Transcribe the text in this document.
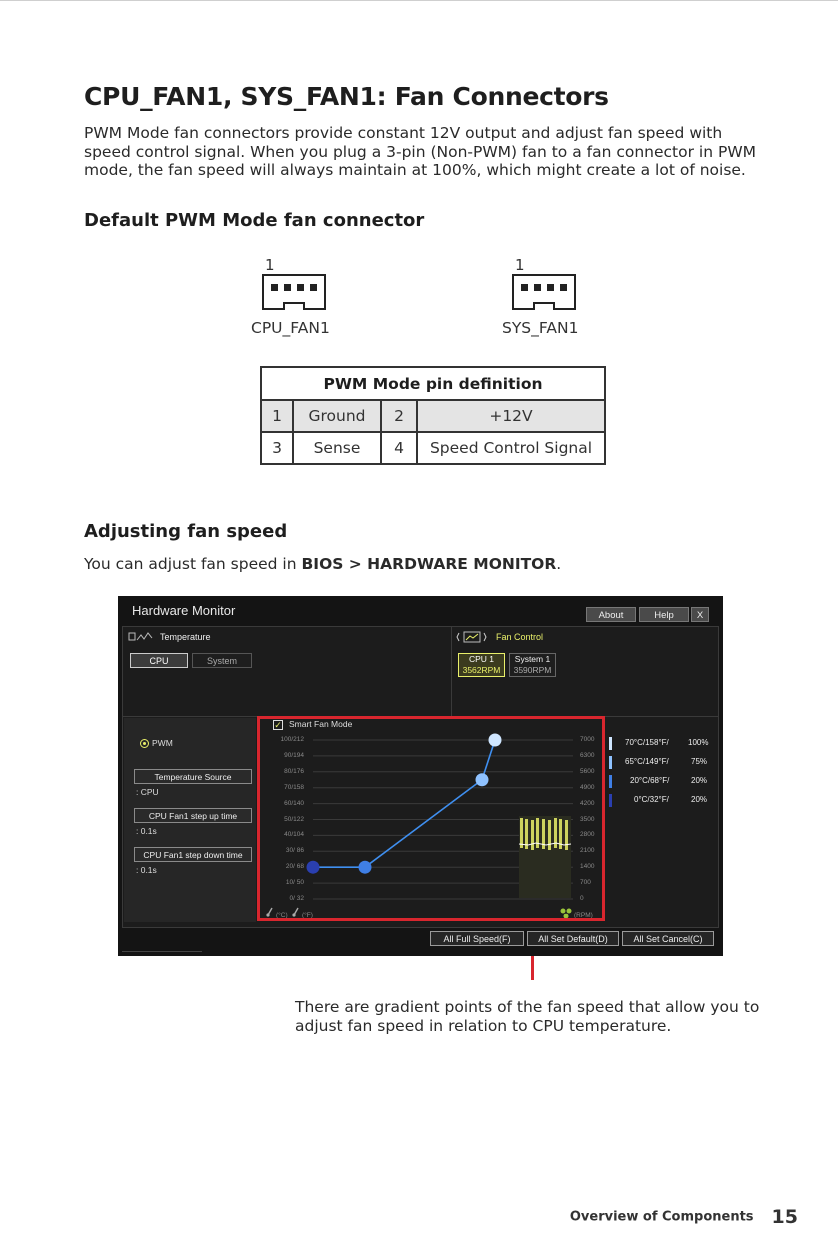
CPU_FAN1, SYS_FAN1: Fan Connectors
PWM Mode fan connectors provide constant 12V output and adjust fan speed with speed control signal. When you plug a 3-pin (Non-PWM) fan to a fan connector in PWM mode, the fan speed will always maintain at 100%, which might create a lot of noise.
Default PWM Mode fan connector
1
CPU_FAN1
1
SYS_FAN1
PWM Mode pin definition			
1	Ground	2	+12V
3	Sense	4	Speed Control Signal
Adjusting fan speed
You can adjust fan speed in BIOS > HARDWARE MONITOR.
Hardware Monitor	About	Help	X
Temperature
CPU	System
Fan Control
CPU 1
3562RPM
System 1
3590RPM
PWM
Temperature Source
: CPU
CPU Fan1 step up time
: 0.1s
CPU Fan1 step down time
: 0.1s
✓ Smart Fan Mode
100/212
90/194
80/176
70/158
60/140
50/122
40/104
30/ 86
20/ 68
10/ 50
0/ 32
7000
6300
5600
4900
4200
3500
2800
2100
1400
700
0
(°C) (°F)	(RPM)
70°C/158°F/ 100%
65°C/149°F/	75%
20°C/68°F/	20%
0°C/32°F/	20%
All Full Speed(F)	All Set Default(D)	All Set Cancel(C)
There are gradient points of the fan speed that allow you to adjust fan speed in relation to CPU temperature.
Overview of Components 15
